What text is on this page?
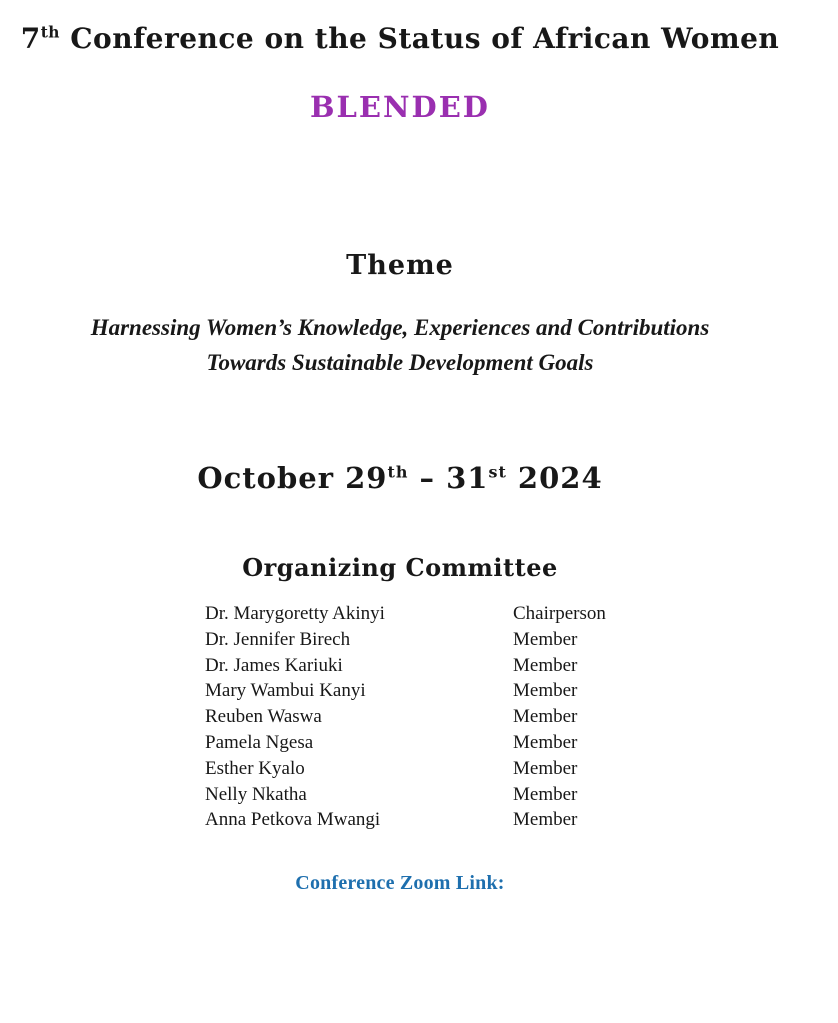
7th Conference on the Status of African Women
BLENDED
Theme
Harnessing Women’s Knowledge, Experiences and Contributions
Towards Sustainable Development Goals
October 29th – 31st 2024
Organizing Committee
Dr. Marygoretty Akinyi	Chairperson
Dr. Jennifer Birech	Member
Dr. James Kariuki	Member
Mary Wambui Kanyi	Member
Reuben Waswa	Member
Pamela Ngesa	Member
Esther Kyalo	Member
Nelly Nkatha	Member
Anna Petkova Mwangi	Member
Conference Zoom Link:
